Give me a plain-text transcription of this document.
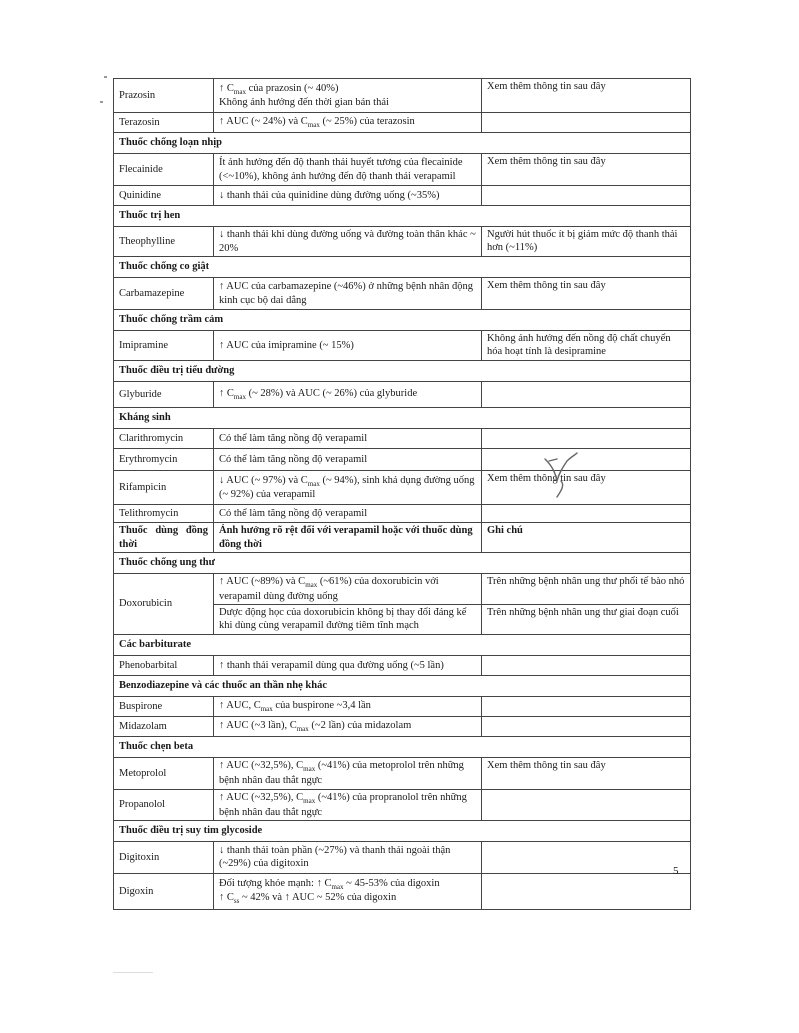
Prazosin	↑ $C_{max}$ của prazosin (~ 40%)
Không ảnh hưởng đến thời gian bán thải	Xem thêm thông tin sau đây
Terazosin	↑ AUC (~ 24%) và $C_{max}$ (~ 25%) của terazosin	
Thuốc chống loạn nhịp		
Flecainide	Ít ảnh hưởng đến độ thanh thải huyết tương của flecainide (<~10%), không ảnh hưởng đến độ thanh thải verapamil	Xem thêm thông tin sau đây
Quinidine	↓ thanh thải của quinidine dùng đường uống (~35%)	
Thuốc trị hen		
Theophylline	↓ thanh thải khi dùng đường uống và đường toàn thân khác ~ 20%	Người hút thuốc ít bị giảm mức độ thanh thải hơn (~11%)
Thuốc chống co giật		
Carbamazepine	↑ AUC của carbamazepine (~46%) ở những bệnh nhân động kinh cục bộ dai dẳng	Xem thêm thông tin sau đây
Thuốc chống trầm cảm		
Imipramine	↑ AUC của imipramine (~ 15%)	Không ảnh hưởng đến nồng độ chất chuyển hóa hoạt tính là desipramine
Thuốc điều trị tiểu đường		
Glyburide	↑ $C_{max}$ (~ 28%) và AUC (~ 26%) của glyburide	
Kháng sinh		
Clarithromycin	Có thể làm tăng nồng độ verapamil	
Erythromycin	Có thể làm tăng nồng độ verapamil	
Rifampicin	↓ AUC (~ 97%) và $C_{max}$ (~ 94%), sinh khả dụng đường uống (~ 92%) của verapamil	Xem thêm thông tin sau đây
Telithromycin	Có thể làm tăng nồng độ verapamil	
Thuốc dùng đồng thời	Ảnh hưởng rõ rệt đối với verapamil hoặc với thuốc dùng đồng thời	Ghi chú
Thuốc chống ung thư		
Doxorubicin	↑ AUC (~89%) và $C_{max}$ (~61%) của doxorubicin với verapamil dùng đường uống	Trên những bệnh nhân ung thư phổi tế bào nhỏ
	Dược động học của doxorubicin không bị thay đổi đáng kể khi dùng cùng verapamil đường tiêm tĩnh mạch	Trên những bệnh nhân ung thư giai đoạn cuối
Các barbiturate		
Phenobarbital	↑ thanh thải verapamil dùng qua đường uống (~5 lần)	
Benzodiazepine và các thuốc an thần nhẹ khác		
Buspirone	↑ AUC, $C_{max}$ của buspirone ~3,4 lần	
Midazolam	↑ AUC (~3 lần), $C_{max}$ (~2 lần) của midazolam	
Thuốc chẹn beta		
Metoprolol	↑ AUC (~32,5%), $C_{max}$ (~41%) của metoprolol trên những bệnh nhân đau thắt ngực	Xem thêm thông tin sau đây
Propanolol	↑ AUC (~32,5%), $C_{max}$ (~41%) của propranolol trên những bệnh nhân đau thắt ngực	
Thuốc điều trị suy tim glycoside		
Digitoxin	↓ thanh thải toàn phần (~27%) và thanh thải ngoài thận (~29%) của digitoxin	
Digoxin	Đối tượng khỏe mạnh: ↑ $C_{max}$ ~ 45-53% của digoxin
↑ $C_{ss}$ ~ 42% và ↑ AUC ~ 52% của digoxin	
5
